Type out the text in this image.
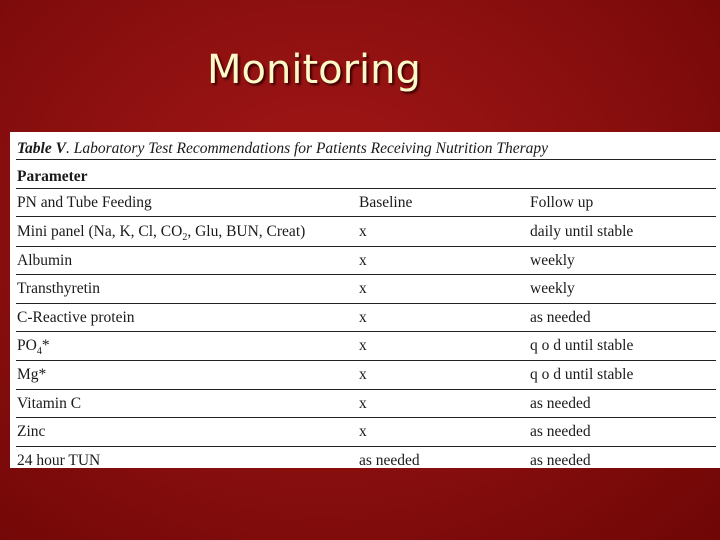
Monitoring
Table V. Laboratory Test Recommendations for Patients Receiving Nutrition Therapy
Parameter
PN and Tube Feeding	Baseline	Follow up
Mini panel (Na, K, Cl, $CO_2$, Glu, BUN, Creat)	x	daily until stable
Albumin	x	weekly
Transthyretin	x	weekly
C-Reactive protein	x	as needed
$PO_4*$	x	q o d until stable
Mg*	x	q o d until stable
Vitamin C	x	as needed
Zinc	x	as needed
24 hour TUN	as needed	as needed
